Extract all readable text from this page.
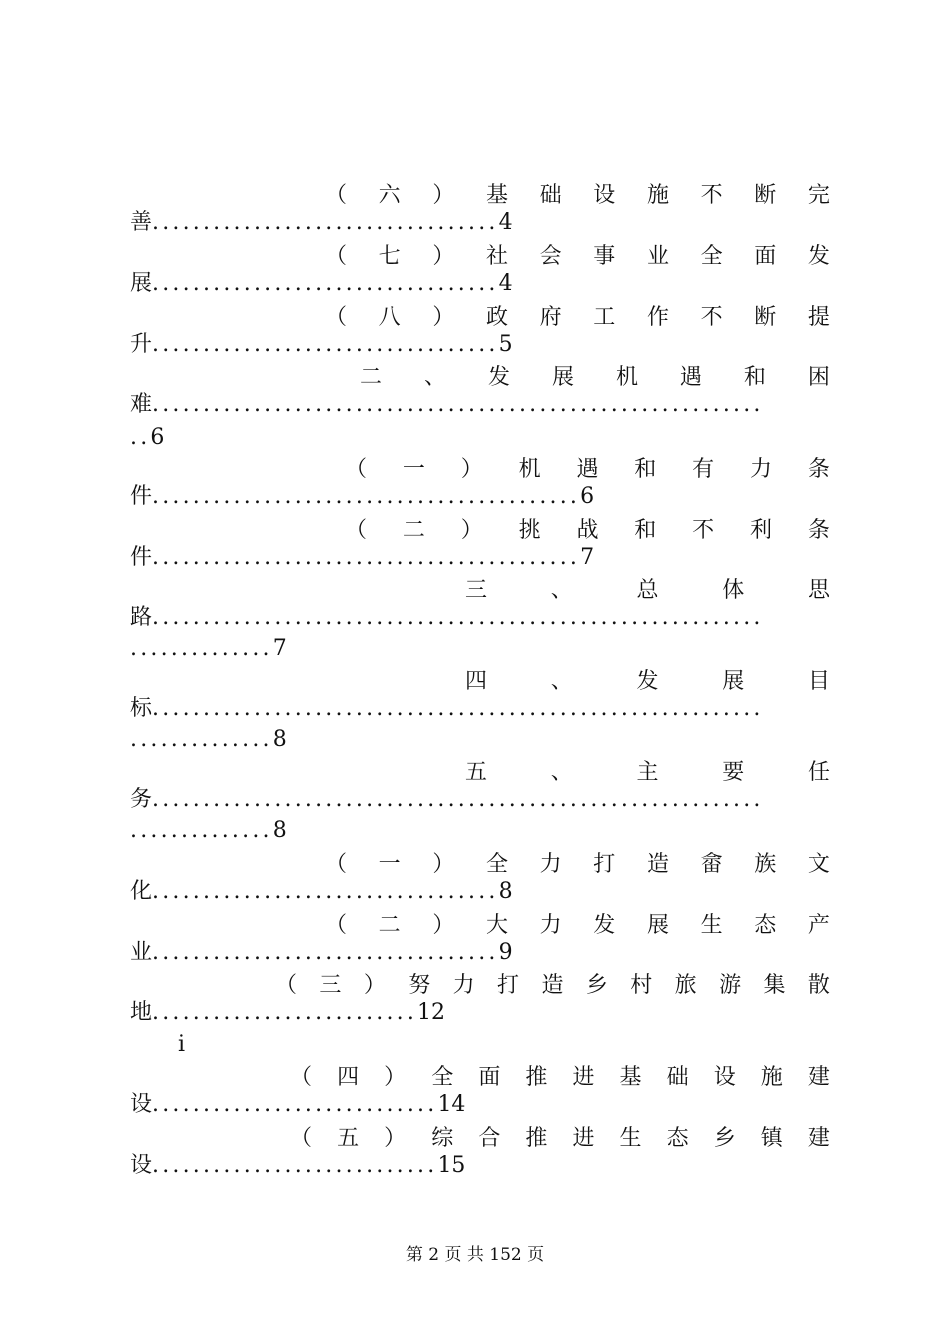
（ 六 ） 基 础 设 施 不 断 完
善..................................4
（ 七 ） 社 会 事 业 全 面 发
展..................................4
（ 八 ） 政 府 工 作 不 断 提
升..................................5
二 、 发 展 机 遇 和 困
难............................................................
..6
（ 一 ） 机 遇 和 有 力 条
件..........................................6
（ 二 ） 挑 战 和 不 利 条
件..........................................7
三	、	总	体	思
路............................................................
..............7
四	、	发	展	目
标............................................................
..............8
五	、	主	要	任
务............................................................
..............8
（ 一 ） 全 力 打 造 畲 族 文
化..................................8
（ 二 ） 大 力 发 展 生 态 产
业..................................9
（ 三 ） 努 力 打 造 乡 村 旅 游 集 散
地..........................12
（ 四 ） 全 面 推 进 基 础 设 施 建
设............................14
（ 五 ） 综 合 推 进 生 态 乡 镇 建
设............................15
i
第 2 页 共 152 页
